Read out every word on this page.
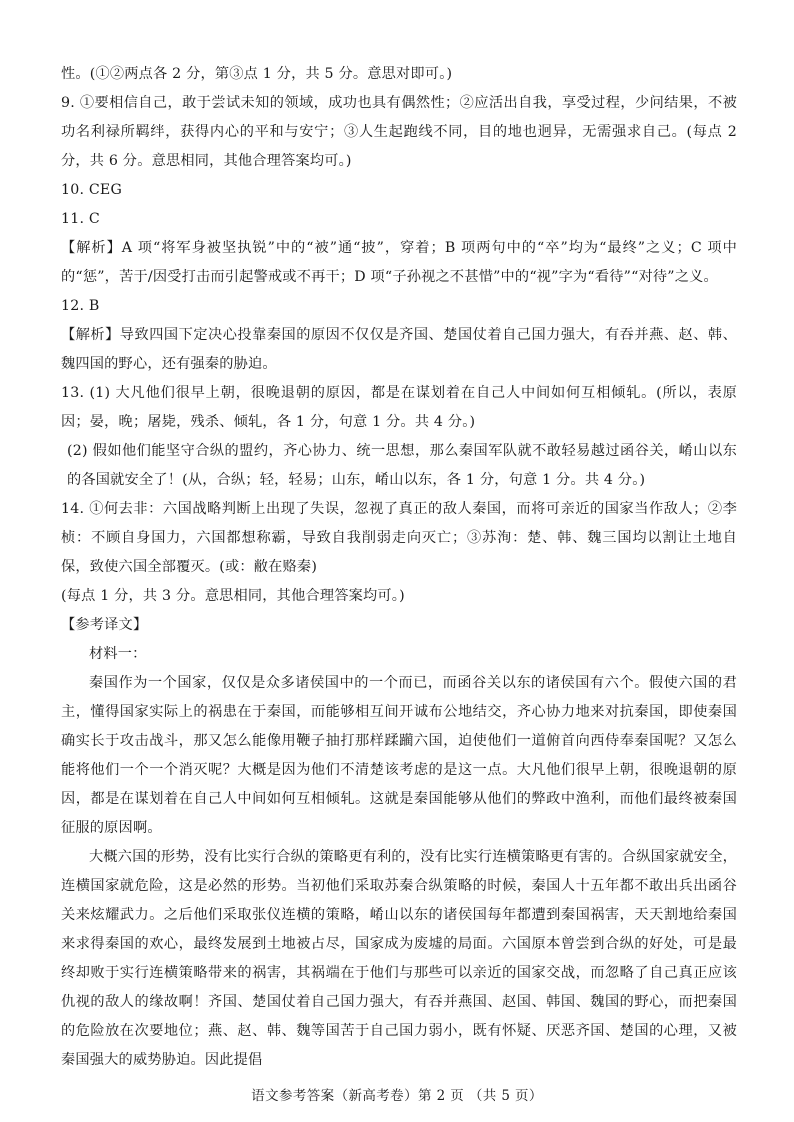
性。(①②两点各 2 分，第③点 1 分，共 5 分。意思对即可。)

9. ①要相信自己，敢于尝试未知的领域，成功也具有偶然性；②应活出自我，享受过程，少问结果，不被功名利禄所羁绊，获得内心的平和与安宁；③人生起跑线不同，目的地也迥异，无需强求自己。(每点 2 分，共 6 分。意思相同，其他合理答案均可。)

10. CEG

11. C

【解析】A 项“将军身被坚执锐”中的“被”通“披”，穿着；B 项两句中的“卒”均为“最终”之义；C 项中的“惩”，苦于/因受打击而引起警戒或不再干；D 项“子孙视之不甚惜”中的“视”字为“看待”“对待”之义。

12. B

【解析】导致四国下定决心投靠秦国的原因不仅仅是齐国、楚国仗着自己国力强大，有吞并燕、赵、韩、魏四国的野心，还有强秦的胁迫。

13. (1) 大凡他们很早上朝，很晚退朝的原因，都是在谋划着在自己人中间如何互相倾轧。(所以，表原因；晏，晚；屠毙，残杀、倾轧，各 1 分，句意 1 分。共 4 分。)

(2) 假如他们能坚守合纵的盟约，齐心协力、统一思想，那么秦国军队就不敢轻易越过函谷关，崤山以东的各国就安全了！(从，合纵；轻，轻易；山东，崤山以东，各 1 分，句意 1 分。共 4 分。)

14. ①何去非：六国战略判断上出现了失误，忽视了真正的敌人秦国，而将可亲近的国家当作敌人；②李桢：不顾自身国力，六国都想称霸，导致自我削弱走向灭亡；③苏洵：楚、韩、魏三国均以割让土地自保，致使六国全部覆灭。(或：敝在赂秦)

(每点 1 分，共 3 分。意思相同，其他合理答案均可。)

【参考译文】

材料一：

秦国作为一个国家，仅仅是众多诸侯国中的一个而已，而函谷关以东的诸侯国有六个。假使六国的君主，懂得国家实际上的祸患在于秦国，而能够相互间开诚布公地结交，齐心协力地来对抗秦国，即使秦国确实长于攻击战斗，那又怎么能像用鞭子抽打那样蹂躏六国，迫使他们一道俯首向西侍奉秦国呢？又怎么能将他们一个一个消灭呢？大概是因为他们不清楚该考虑的是这一点。大凡他们很早上朝，很晚退朝的原因，都是在谋划着在自己人中间如何互相倾轧。这就是秦国能够从他们的弊政中渔利，而他们最终被秦国征服的原因啊。

大概六国的形势，没有比实行合纵的策略更有利的，没有比实行连横策略更有害的。合纵国家就安全，连横国家就危险，这是必然的形势。当初他们采取苏秦合纵策略的时候，秦国人十五年都不敢出兵出函谷关来炫耀武力。之后他们采取张仪连横的策略，崤山以东的诸侯国每年都遭到秦国祸害，天天割地给秦国来求得秦国的欢心，最终发展到土地被占尽，国家成为废墟的局面。六国原本曾尝到合纵的好处，可是最终却败于实行连横策略带来的祸害，其祸端在于他们与那些可以亲近的国家交战，而忽略了自己真正应该仇视的敌人的缘故啊！齐国、楚国仗着自己国力强大，有吞并燕国、赵国、韩国、魏国的野心，而把秦国的危险放在次要地位；燕、赵、韩、魏等国苦于自己国力弱小，既有怀疑、厌恶齐国、楚国的心理，又被秦国强大的威势胁迫。因此提倡

语文参考答案（新高考卷）第 2 页 （共 5 页）
